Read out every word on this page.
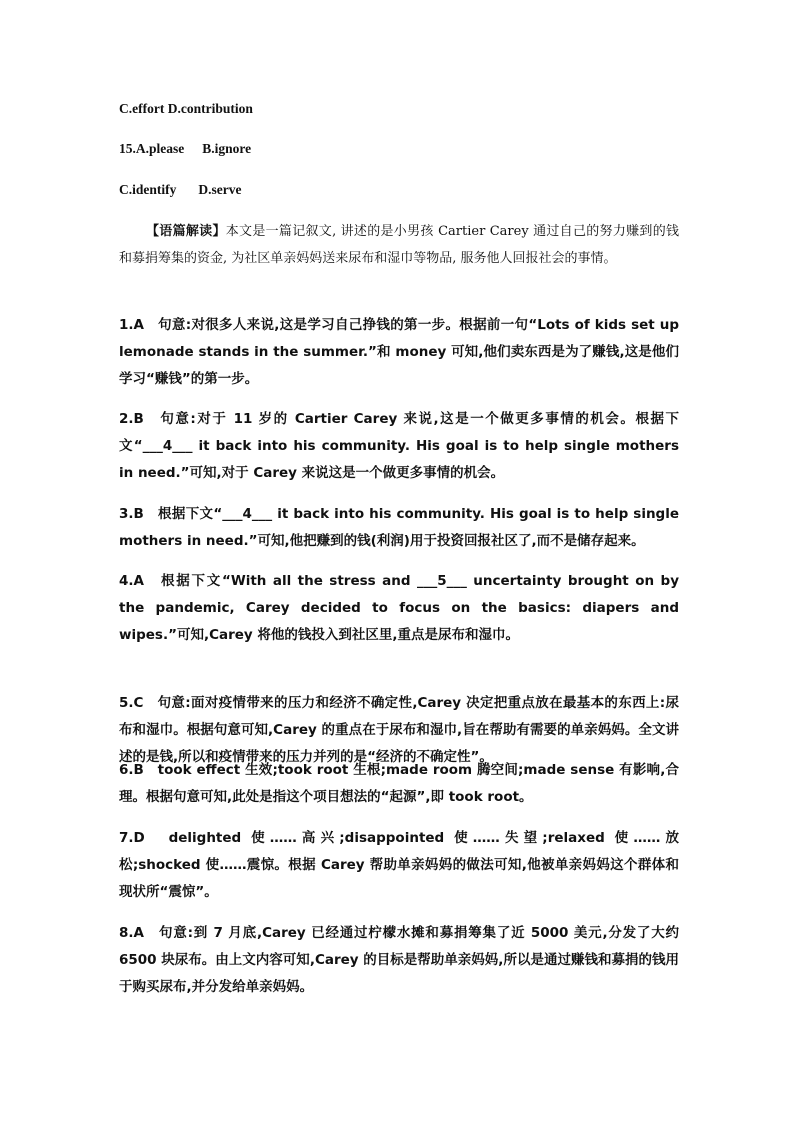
C.effort D.contribution
15.A.please B.ignore
C.identify D.serve
【语篇解读】本文是一篇记叙文, 讲述的是小男孩 Cartier Carey 通过自己的努力赚到的钱和募捐筹集的资金, 为社区单亲妈妈送来尿布和湿巾等物品, 服务他人回报社会的事情。
1.A　句意:对很多人来说,这是学习自己挣钱的第一步。根据前一句“Lots of kids set up lemonade stands in the summer.”和 money 可知,他们卖东西是为了赚钱,这是他们学习“赚钱”的第一步。
2.B　句意:对于 11 岁的 Cartier Carey 来说,这是一个做更多事情的机会。根据下文“___4___ it back into his community. His goal is to help single mothers in need.”可知,对于 Carey 来说这是一个做更多事情的机会。
3.B　根据下文“___4___ it back into his community. His goal is to help single mothers in need.”可知,他把赚到的钱(利润)用于投资回报社区了,而不是储存起来。
4.A　根据下文“With all the stress and ___5___ uncertainty brought on by the pandemic, Carey decided to focus on the basics: diapers and wipes.”可知,Carey 将他的钱投入到社区里,重点是尿布和湿巾。
5.C　句意:面对疫情带来的压力和经济不确定性,Carey 决定把重点放在最基本的东西上:尿布和湿巾。根据句意可知,Carey 的重点在于尿布和湿巾,旨在帮助有需要的单亲妈妈。全文讲述的是钱,所以和疫情带来的压力并列的是“经济的不确定性”。
6.B　took effect 生效;took root 生根;made room 腾空间;made sense 有影响,合理。根据句意可知,此处是指这个项目想法的“起源”,即 took root。
7.D　delighted 使……高兴;disappointed 使……失望;relaxed 使……放松;shocked 使……震惊。根据 Carey 帮助单亲妈妈的做法可知,他被单亲妈妈这个群体和现状所“震惊”。
8.A　句意:到 7 月底,Carey 已经通过柠檬水摊和募捐筹集了近 5000 美元,分发了大约 6500 块尿布。由上文内容可知,Carey 的目标是帮助单亲妈妈,所以是通过赚钱和募捐的钱用于购买尿布,并分发给单亲妈妈。
